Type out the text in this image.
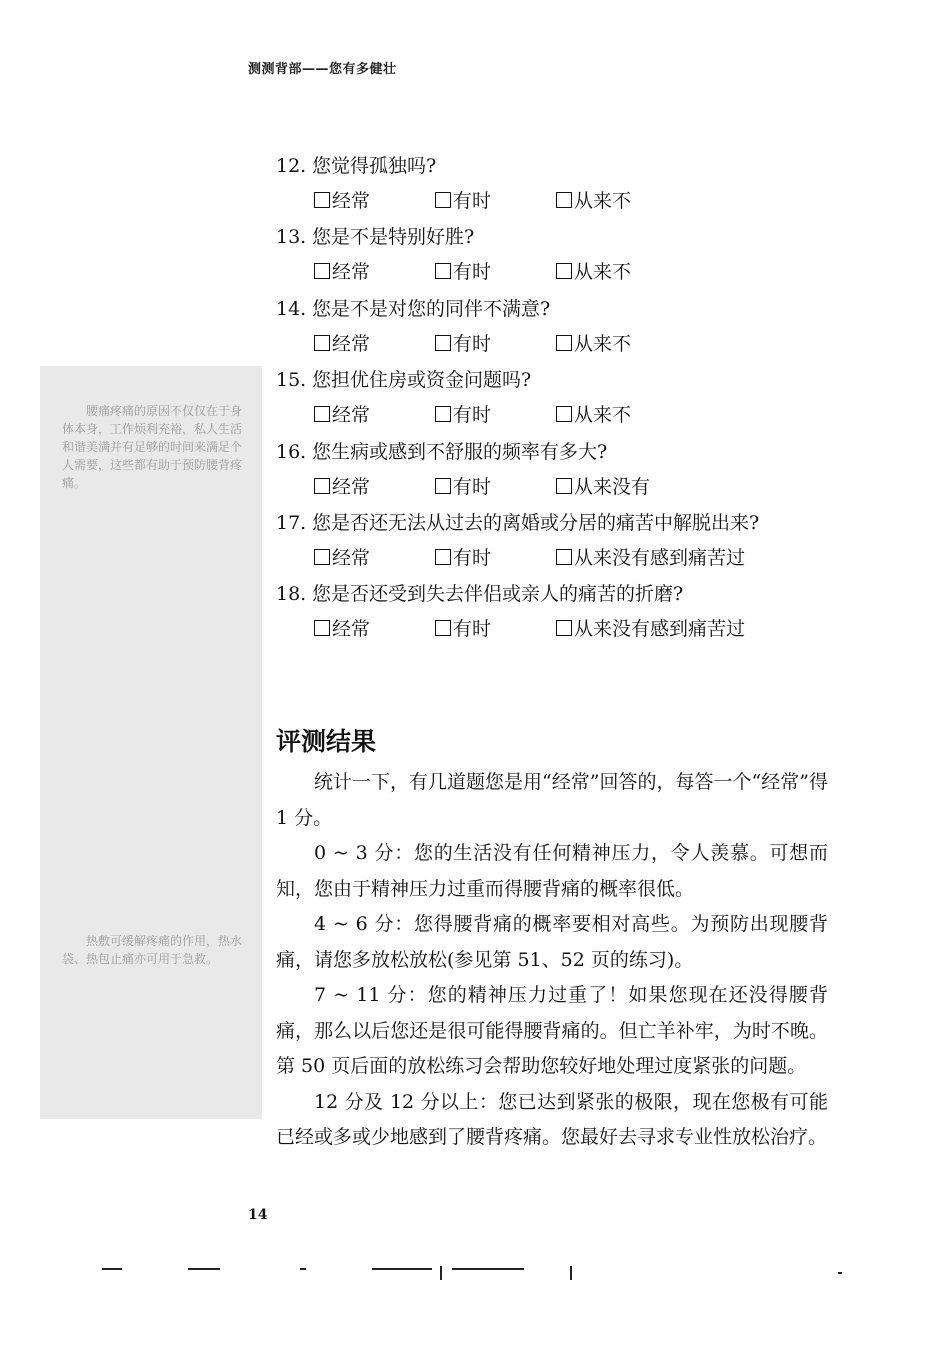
测测背部——您有多健壮
腰痛疼痛的原因不仅仅在于身体本身，工作烦利充裕，私人生活和谐美满并有足够的时间来满足个人需要，这些都有助于预防腰背疼痛。
热敷可缓解疼痛的作用，热水袋、热包止痛亦可用于急救。
12. 您觉得孤独吗?
经常	有时	从来不
13. 您是不是特别好胜?
经常	有时	从来不
14. 您是不是对您的同伴不满意?
经常	有时	从来不
15. 您担优住房或资金问题吗?
经常	有时	从来不
16. 您生病或感到不舒服的频率有多大?
经常	有时	从来没有
17. 您是否还无法从过去的离婚或分居的痛苦中解脱出来?
经常	有时	从来没有感到痛苦过
18. 您是否还受到失去伴侣或亲人的痛苦的折磨?
经常	有时	从来没有感到痛苦过
评测结果

统计一下，有几道题您是用“经常”回答的，每答一个“经常”得 1 分。

0 ~ 3 分：您的生活没有任何精神压力，令人羡慕。可想而知，您由于精神压力过重而得腰背痛的概率很低。

4 ~ 6 分：您得腰背痛的概率要相对高些。为预防出现腰背痛，请您多放松放松(参见第 51、52 页的练习)。

7 ~ 11 分：您的精神压力过重了！如果您现在还没得腰背痛，那么以后您还是很可能得腰背痛的。但亡羊补牢，为时不晚。第 50 页后面的放松练习会帮助您较好地处理过度紧张的问题。

12 分及 12 分以上：您已达到紧张的极限，现在您极有可能已经或多或少地感到了腰背疼痛。您最好去寻求专业性放松治疗。

14
